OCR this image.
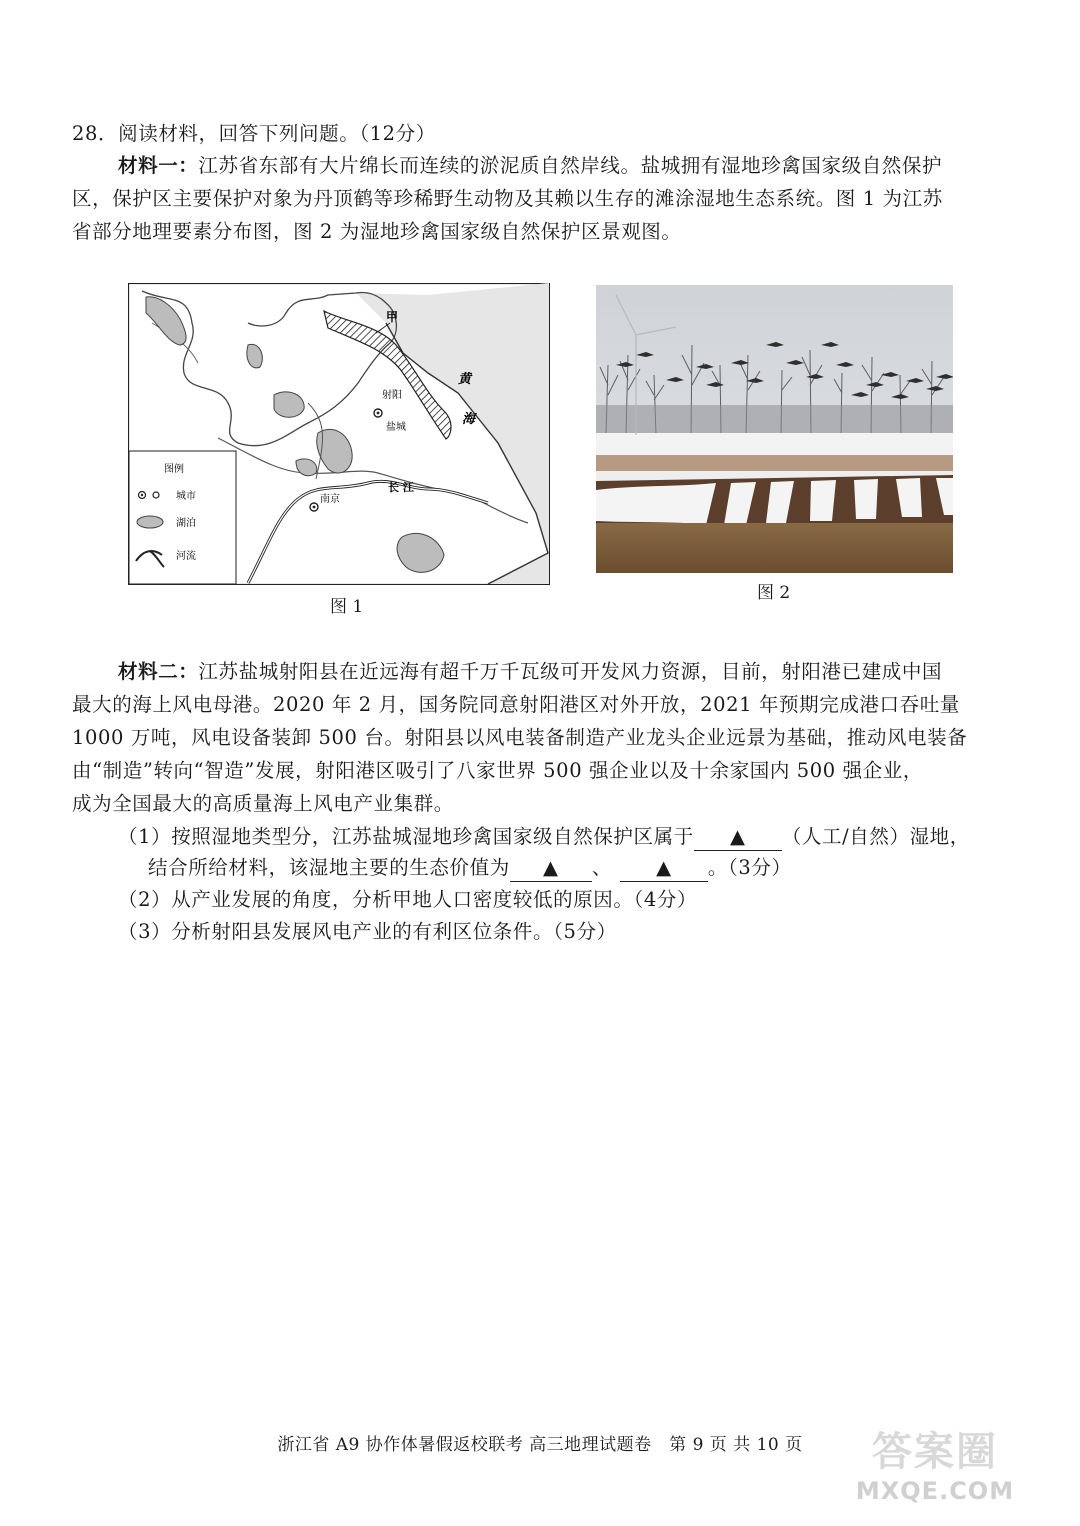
28．阅读材料，回答下列问题。（12分）
材料一：江苏省东部有大片绵长而连续的淤泥质自然岸线。盐城拥有湿地珍禽国家级自然保护
区，保护区主要保护对象为丹顶鹤等珍稀野生动物及其赖以生存的滩涂湿地生态系统。图 1 为江苏
省部分地理要素分布图，图 2 为湿地珍禽国家级自然保护区景观图。
甲
射阳
盐城
黄
海
长 江
南京
图例
城市
湖泊
河流
图 1
图 2
材料二：江苏盐城射阳县在近远海有超千万千瓦级可开发风力资源，目前，射阳港已建成中国
最大的海上风电母港。2020 年 2 月，国务院同意射阳港区对外开放，2021 年预期完成港口吞吐量
1000 万吨，风电设备装卸 500 台。射阳县以风电装备制造产业龙头企业远景为基础，推动风电装备
由“制造”转向“智造”发展，射阳港区吸引了八家世界 500 强企业以及十余家国内 500 强企业，
成为全国最大的高质量海上风电产业集群。
（1）按照湿地类型分，江苏盐城湿地珍禽国家级自然保护区属于 ▲ （人工/自然）湿地，
结合所给材料，该湿地主要的生态价值为 ▲ 、 ▲ 。（3分）
（2）从产业发展的角度，分析甲地人口密度较低的原因。（4分）
（3）分析射阳县发展风电产业的有利区位条件。（5分）
浙江省 A9 协作体暑假返校联考 高三地理试题卷　第 9 页 共 10 页	答案圈
MXQE.COM
